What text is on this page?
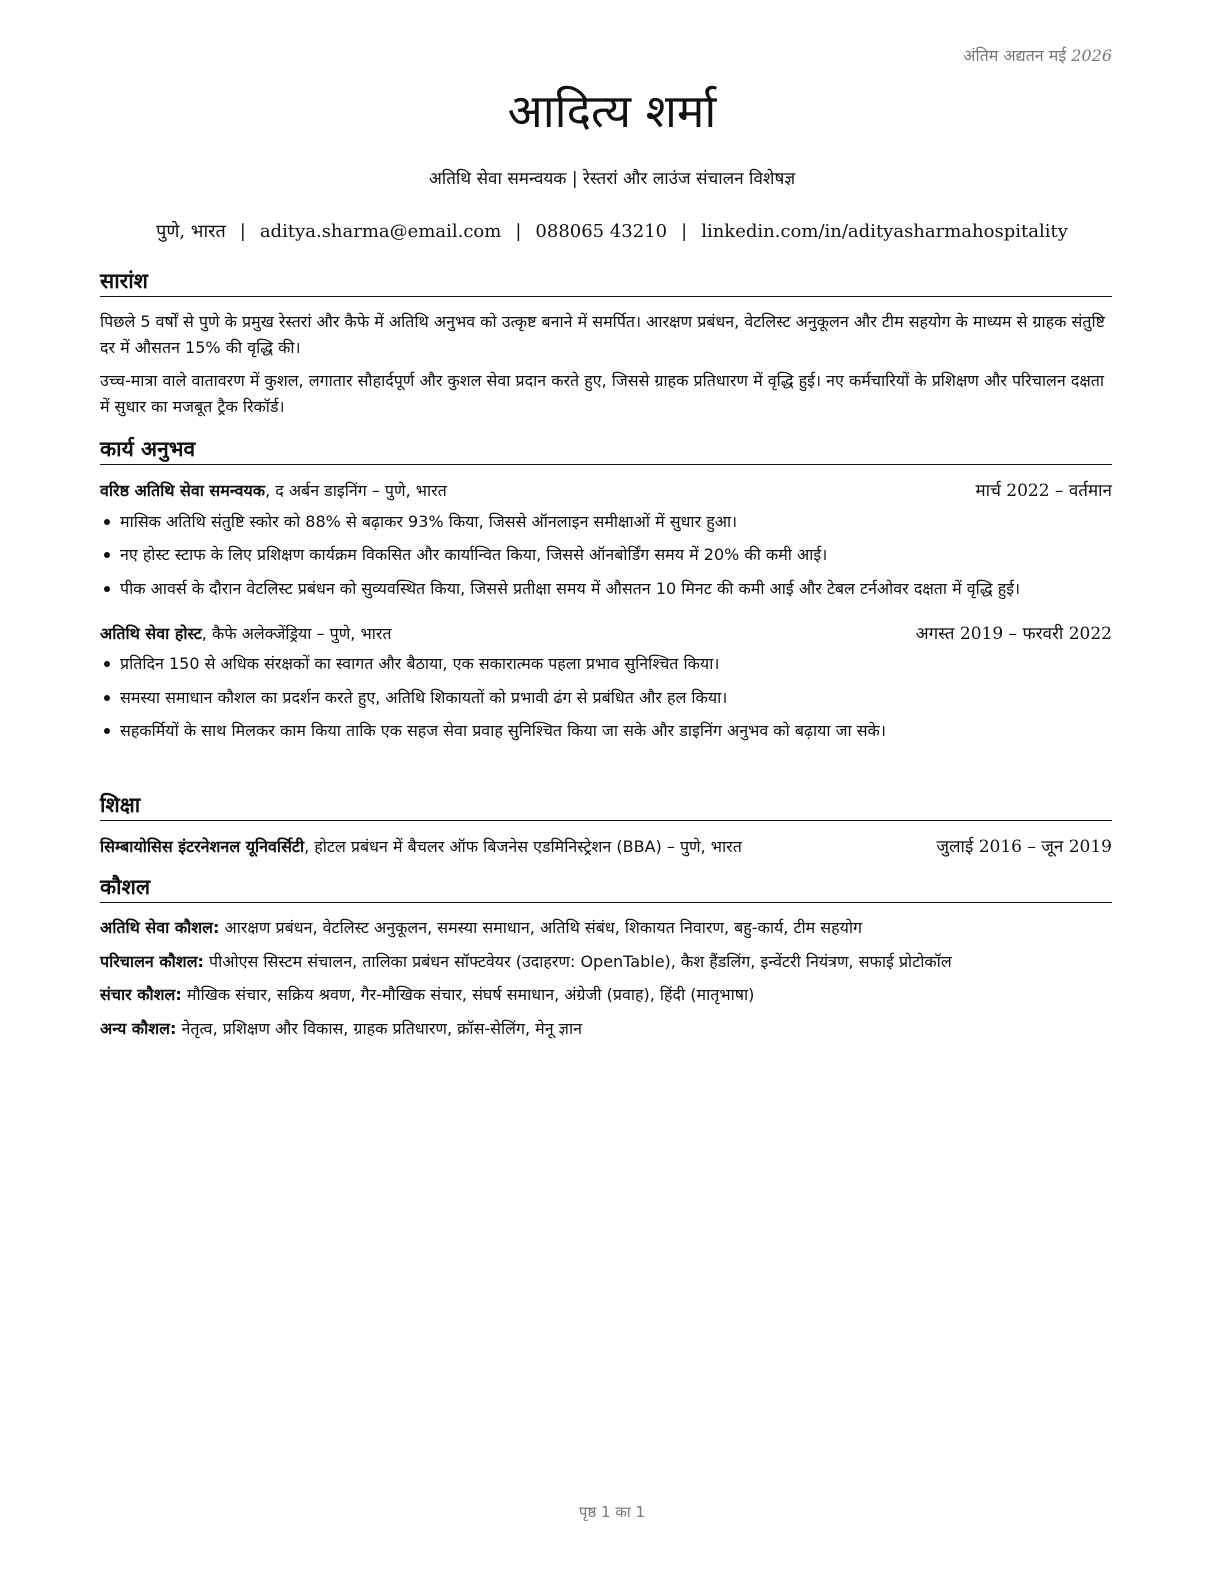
अंतिम अद्यतन मई 2026
आदित्य शर्मा
अतिथि सेवा समन्वयक | रेस्तरां और लाउंज संचालन विशेषज्ञ
पुणे, भारत | aditya.sharma@email.com | 088065 43210 | linkedin.com/in/adityasharmahospitality
सारांश

पिछले 5 वर्षों से पुणे के प्रमुख रेस्तरां और कैफे में अतिथि अनुभव को उत्कृष्ट बनाने में समर्पित। आरक्षण प्रबंधन, वेटलिस्ट अनुकूलन और टीम सहयोग के माध्यम से ग्राहक संतुष्टि दर में औसतन 15% की वृद्धि की।

उच्च-मात्रा वाले वातावरण में कुशल, लगातार सौहार्दपूर्ण और कुशल सेवा प्रदान करते हुए, जिससे ग्राहक प्रतिधारण में वृद्धि हुई। नए कर्मचारियों के प्रशिक्षण और परिचालन दक्षता में सुधार का मजबूत ट्रैक रिकॉर्ड।

कार्य अनुभव
वरिष्ठ अतिथि सेवा समन्वयक, द अर्बन डाइनिंग – पुणे, भारत	मार्च 2022 – वर्तमान
मासिक अतिथि संतुष्टि स्कोर को 88% से बढ़ाकर 93% किया, जिससे ऑनलाइन समीक्षाओं में सुधार हुआ।
नए होस्ट स्टाफ के लिए प्रशिक्षण कार्यक्रम विकसित और कार्यान्वित किया, जिससे ऑनबोर्डिंग समय में 20% की कमी आई।
पीक आवर्स के दौरान वेटलिस्ट प्रबंधन को सुव्यवस्थित किया, जिससे प्रतीक्षा समय में औसतन 10 मिनट की कमी आई और टेबल टर्नओवर दक्षता में वृद्धि हुई।
अतिथि सेवा होस्ट, कैफे अलेक्जेंड्रिया – पुणे, भारत	अगस्त 2019 – फरवरी 2022
प्रतिदिन 150 से अधिक संरक्षकों का स्वागत और बैठाया, एक सकारात्मक पहला प्रभाव सुनिश्चित किया।
समस्या समाधान कौशल का प्रदर्शन करते हुए, अतिथि शिकायतों को प्रभावी ढंग से प्रबंधित और हल किया।
सहकर्मियों के साथ मिलकर काम किया ताकि एक सहज सेवा प्रवाह सुनिश्चित किया जा सके और डाइनिंग अनुभव को बढ़ाया जा सके।
शिक्षा
सिम्बायोसिस इंटरनेशनल यूनिवर्सिटी, होटल प्रबंधन में बैचलर ऑफ बिजनेस एडमिनिस्ट्रेशन (BBA) – पुणे, भारत	जुलाई 2016 – जून 2019
कौशल
अतिथि सेवा कौशल: आरक्षण प्रबंधन, वेटलिस्ट अनुकूलन, समस्या समाधान, अतिथि संबंध, शिकायत निवारण, बहु-कार्य, टीम सहयोग
परिचालन कौशल: पीओएस सिस्टम संचालन, तालिका प्रबंधन सॉफ्टवेयर (उदाहरण: OpenTable), कैश हैंडलिंग, इन्वेंटरी नियंत्रण, सफाई प्रोटोकॉल
संचार कौशल: मौखिक संचार, सक्रिय श्रवण, गैर-मौखिक संचार, संघर्ष समाधान, अंग्रेजी (प्रवाह), हिंदी (मातृभाषा)
अन्य कौशल: नेतृत्व, प्रशिक्षण और विकास, ग्राहक प्रतिधारण, क्रॉस-सेलिंग, मेनू ज्ञान
पृष्ठ 1 का 1
